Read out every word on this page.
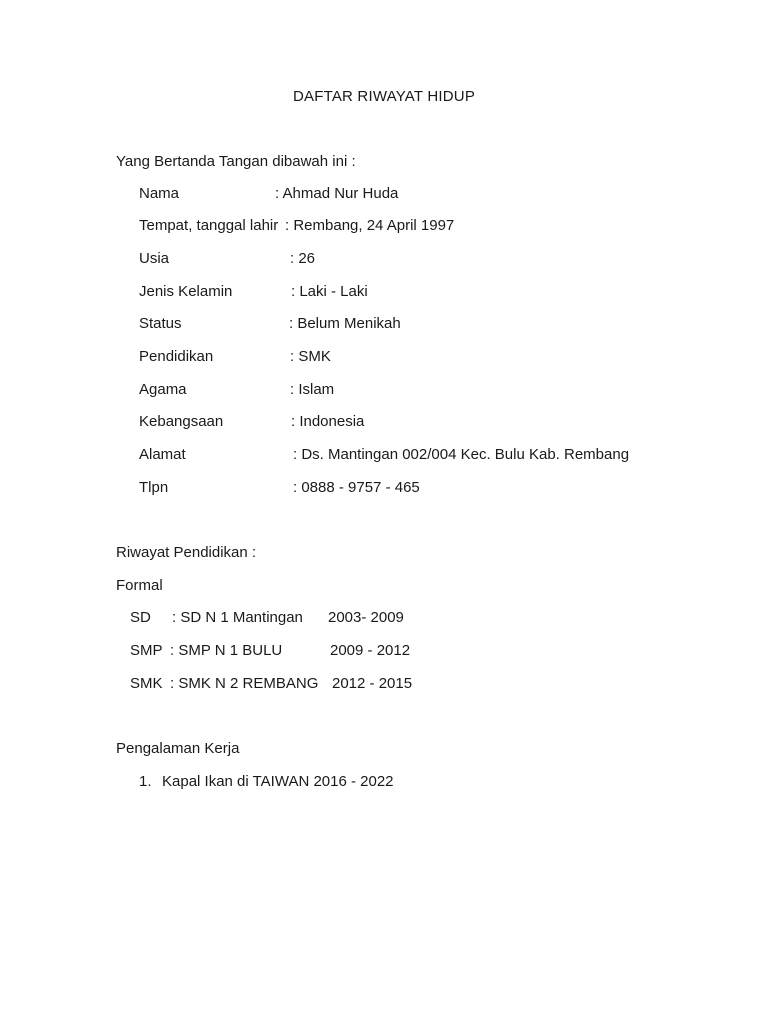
DAFTAR RIWAYAT HIDUP
Yang Bertanda Tangan dibawah ini :
Nama	: Ahmad Nur Huda
Tempat, tanggal lahir : Rembang, 24 April 1997
Usia	: 26
Jenis Kelamin	: Laki - Laki
Status	: Belum Menikah
Pendidikan	: SMK
Agama	: Islam
Kebangsaan	: Indonesia
Alamat	: Ds. Mantingan 002/004 Kec. Bulu Kab. Rembang
Tlpn	: 0888 - 9757 - 465
Riwayat Pendidikan :
Formal
SD : SD N 1 Mantingan 2003- 2009
SMP : SMP N 1 BULU	2009 - 2012
SMK : SMK N 2 REMBANG 2012 - 2015
Pengalaman Kerja
1. Kapal Ikan di TAIWAN 2016 - 2022
